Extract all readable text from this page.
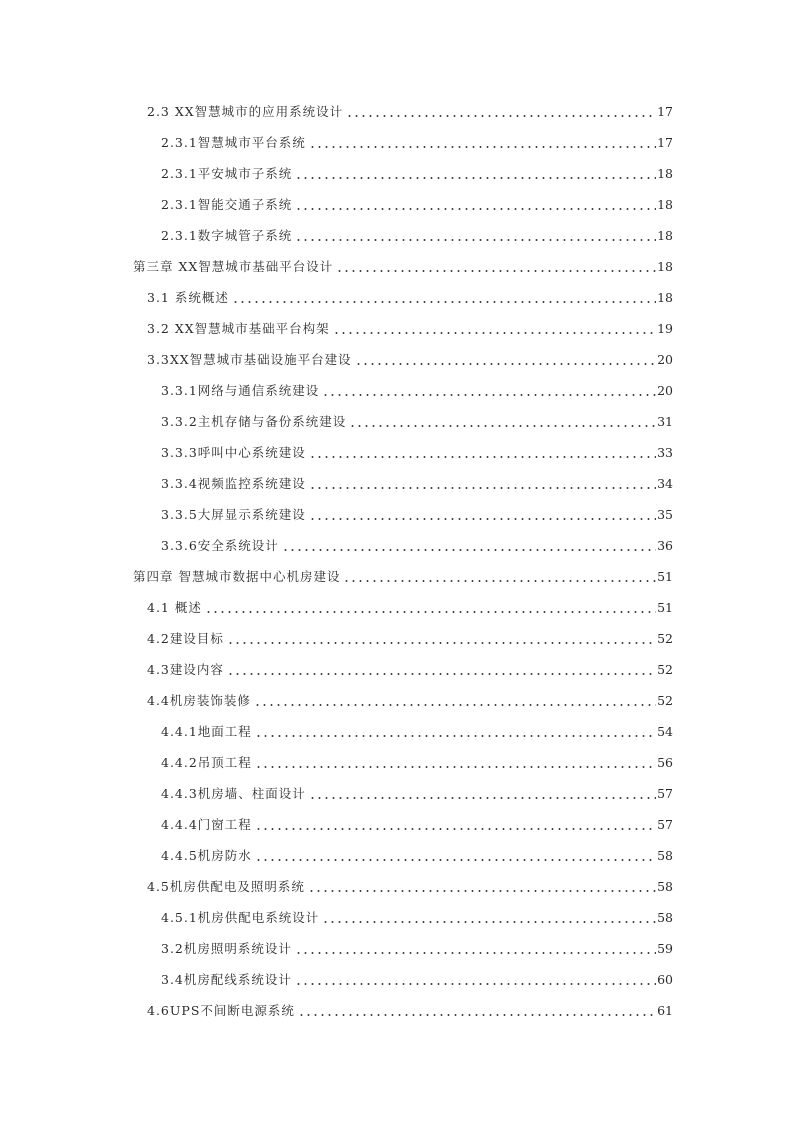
2.3 XX智慧城市的应用系统设计	17
2.3.1智慧城市平台系统	17
2.3.1平安城市子系统	18
2.3.1智能交通子系统	18
2.3.1数字城管子系统	18
第三章 XX智慧城市基础平台设计	18
3.1 系统概述	18
3.2 XX智慧城市基础平台构架	19
3.3XX智慧城市基础设施平台建设	20
3.3.1网络与通信系统建设	20
3.3.2主机存储与备份系统建设	31
3.3.3呼叫中心系统建设	33
3.3.4视频监控系统建设	34
3.3.5大屏显示系统建设	35
3.3.6安全系统设计	36
第四章 智慧城市数据中心机房建设	51
4.1 概述	51
4.2建设目标	52
4.3建设内容	52
4.4机房装饰装修	52
4.4.1地面工程	54
4.4.2吊顶工程	56
4.4.3机房墙、柱面设计	57
4.4.4门窗工程	57
4.4.5机房防水	58
4.5机房供配电及照明系统	58
4.5.1机房供配电系统设计	58
3.2机房照明系统设计	59
3.4机房配线系统设计	60
4.6UPS不间断电源系统	61
